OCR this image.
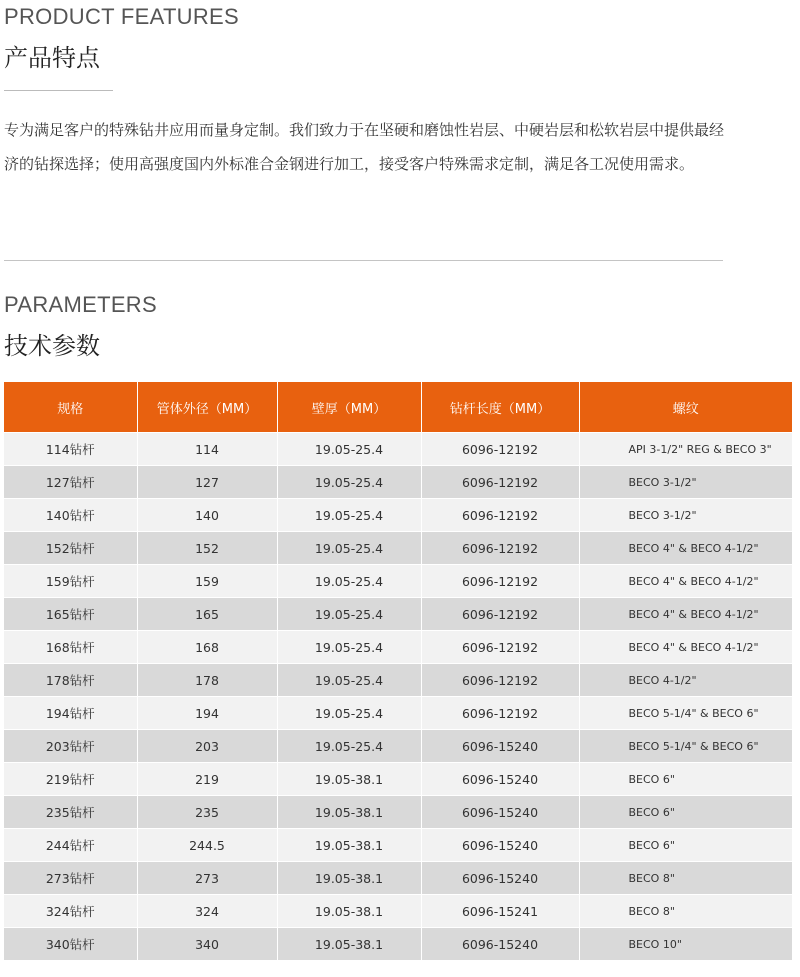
PRODUCT FEATURES
产品特点

专为满足客户的特殊钻井应用而量身定制。我们致力于在坚硬和磨蚀性岩层、中硬岩层和松软岩层中提供最经济的钻探选择；使用高强度国内外标准合金钢进行加工，接受客户特殊需求定制，满足各工况使用需求。

PARAMETERS
技术参数
规格	管体外径（MM）	壁厚（MM）	钻杆长度（MM）	螺纹
114钻杆	114	19.05-25.4	6096-12192	API 3-1/2" REG & BECO 3"
127钻杆	127	19.05-25.4	6096-12192	BECO 3-1/2"
140钻杆	140	19.05-25.4	6096-12192	BECO 3-1/2"
152钻杆	152	19.05-25.4	6096-12192	BECO 4" & BECO 4-1/2"
159钻杆	159	19.05-25.4	6096-12192	BECO 4" & BECO 4-1/2"
165钻杆	165	19.05-25.4	6096-12192	BECO 4" & BECO 4-1/2"
168钻杆	168	19.05-25.4	6096-12192	BECO 4" & BECO 4-1/2"
178钻杆	178	19.05-25.4	6096-12192	BECO 4-1/2"
194钻杆	194	19.05-25.4	6096-12192	BECO 5-1/4" & BECO 6"
203钻杆	203	19.05-25.4	6096-15240	BECO 5-1/4" & BECO 6"
219钻杆	219	19.05-38.1	6096-15240	BECO 6"
235钻杆	235	19.05-38.1	6096-15240	BECO 6"
244钻杆	244.5	19.05-38.1	6096-15240	BECO 6"
273钻杆	273	19.05-38.1	6096-15240	BECO 8"
324钻杆	324	19.05-38.1	6096-15241	BECO 8"
340钻杆	340	19.05-38.1	6096-15240	BECO 10"
